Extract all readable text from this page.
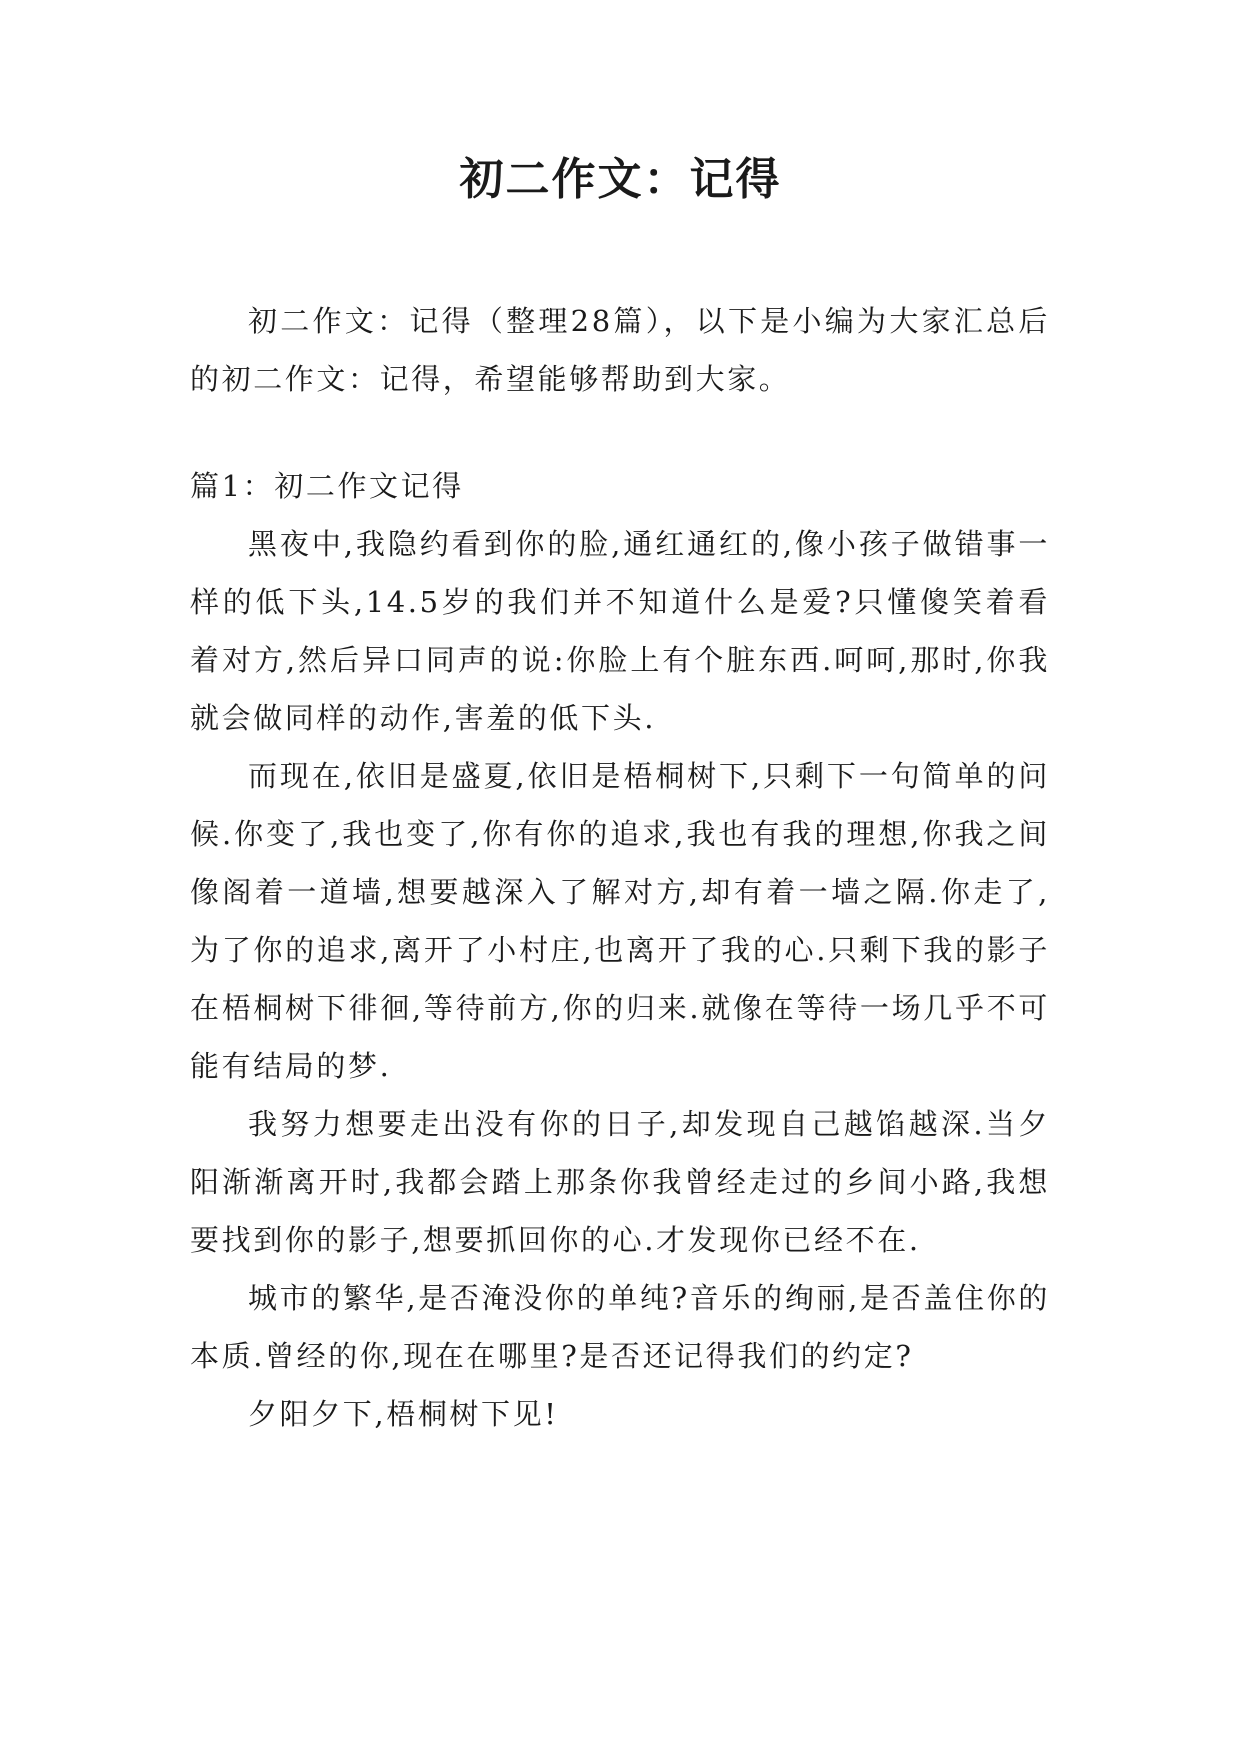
初二作文：记得

初二作文：记得（整理28篇），以下是小编为大家汇总后的初二作文：记得，希望能够帮助到大家。

篇1：初二作文记得

黑夜中,我隐约看到你的脸,通红通红的,像小孩子做错事一样的低下头,14.5岁的我们并不知道什么是爱?只懂傻笑着看着对方,然后异口同声的说:你脸上有个脏东西.呵呵,那时,你我就会做同样的动作,害羞的低下头.

而现在,依旧是盛夏,依旧是梧桐树下,只剩下一句简单的问候.你变了,我也变了,你有你的追求,我也有我的理想,你我之间像阁着一道墙,想要越深入了解对方,却有着一墙之隔.你走了,为了你的追求,离开了小村庄,也离开了我的心.只剩下我的影子在梧桐树下徘徊,等待前方,你的归来.就像在等待一场几乎不可能有结局的梦.

我努力想要走出没有你的日子,却发现自己越馅越深.当夕阳渐渐离开时,我都会踏上那条你我曾经走过的乡间小路,我想要找到你的影子,想要抓回你的心.才发现你已经不在.

城市的繁华,是否淹没你的单纯?音乐的绚丽,是否盖住你的本质.曾经的你,现在在哪里?是否还记得我们的约定?

夕阳夕下,梧桐树下见!
